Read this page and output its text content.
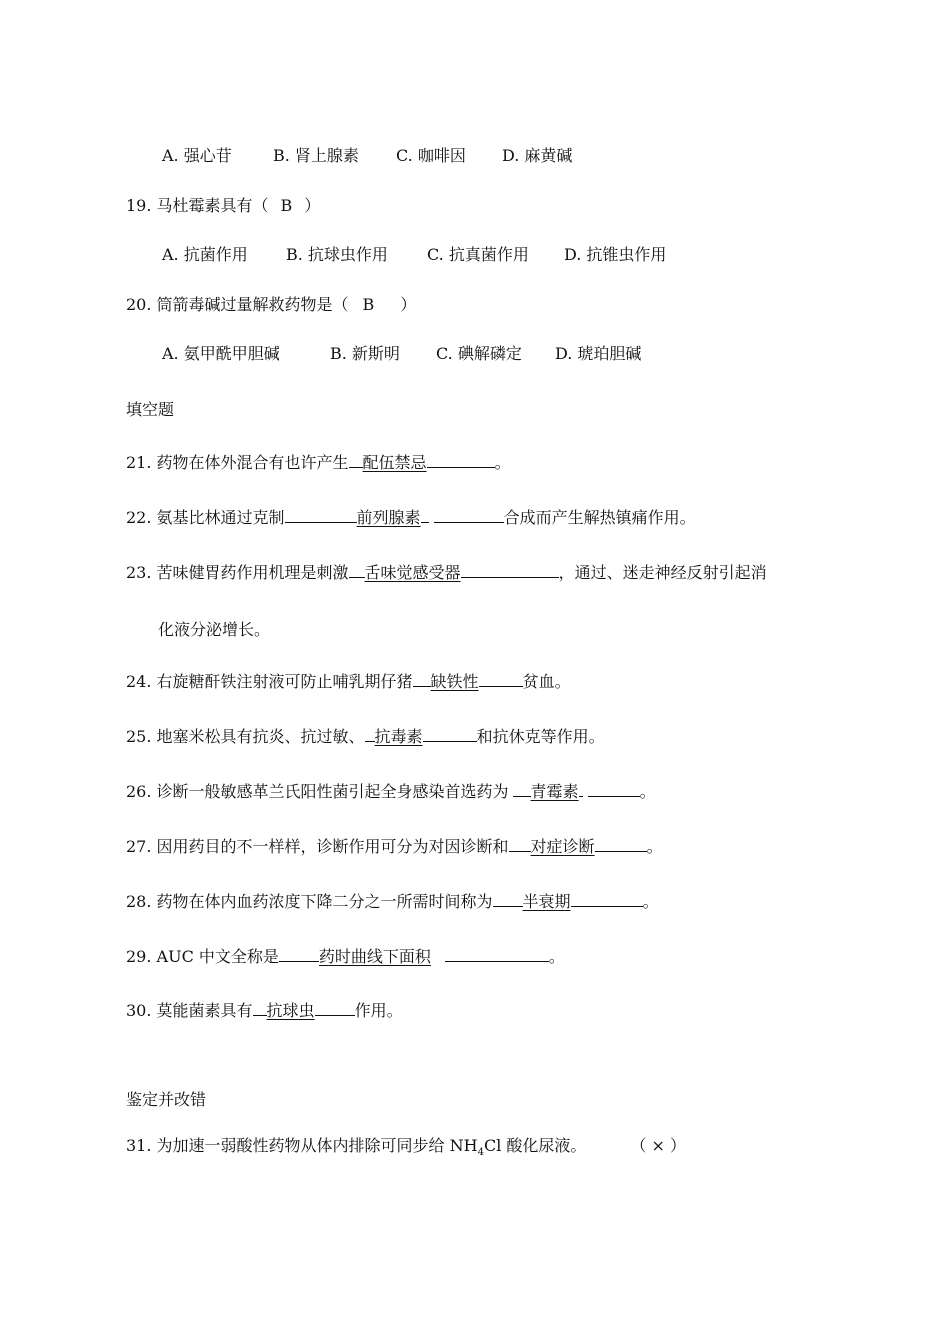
A. 强心苷	B. 肾上腺素 C. 咖啡因 D. 麻黄碱
19. 马杜霉素具有（ B ）
A. 抗菌作用 B. 抗球虫作用 C. 抗真菌作用 D. 抗锥虫作用
20. 筒箭毒碱过量解救药物是（ B ）
A. 氨甲酰甲胆碱	B. 新斯明 C. 碘解磷定 D. 琥珀胆碱
填空题
21. 药物在体外混合有也许产生 配伍禁忌	。
22. 氨基比林通过克制	前列腺素	合成而产生解热镇痛作用。
23. 苦味健胃药作用机理是刺激 舌味觉感受器	，通过、迷走神经反射引起消
化液分泌增长。
24. 右旋糖酐铁注射液可防止哺乳期仔猪 缺铁性	贫血。
25. 地塞米松具有抗炎、抗过敏、 抗毒素	和抗休克等作用。
26. 诊断一般敏感革兰氏阳性菌引起全身感染首选药为 青霉素	。
27. 因用药目的不一样样，诊断作用可分为对因诊断和 对症诊断	。
28. 药物在体内血药浓度下降二分之一所需时间称为 半衰期	。
29. AUC 中文全称是	药时曲线下面积	。
30. 莫能菌素具有 抗球虫	作用。
鉴定并改错
31. 为加速一弱酸性药物从体内排除可同步给 $NH_4Cl$ 酸化尿液。	（ × ）
